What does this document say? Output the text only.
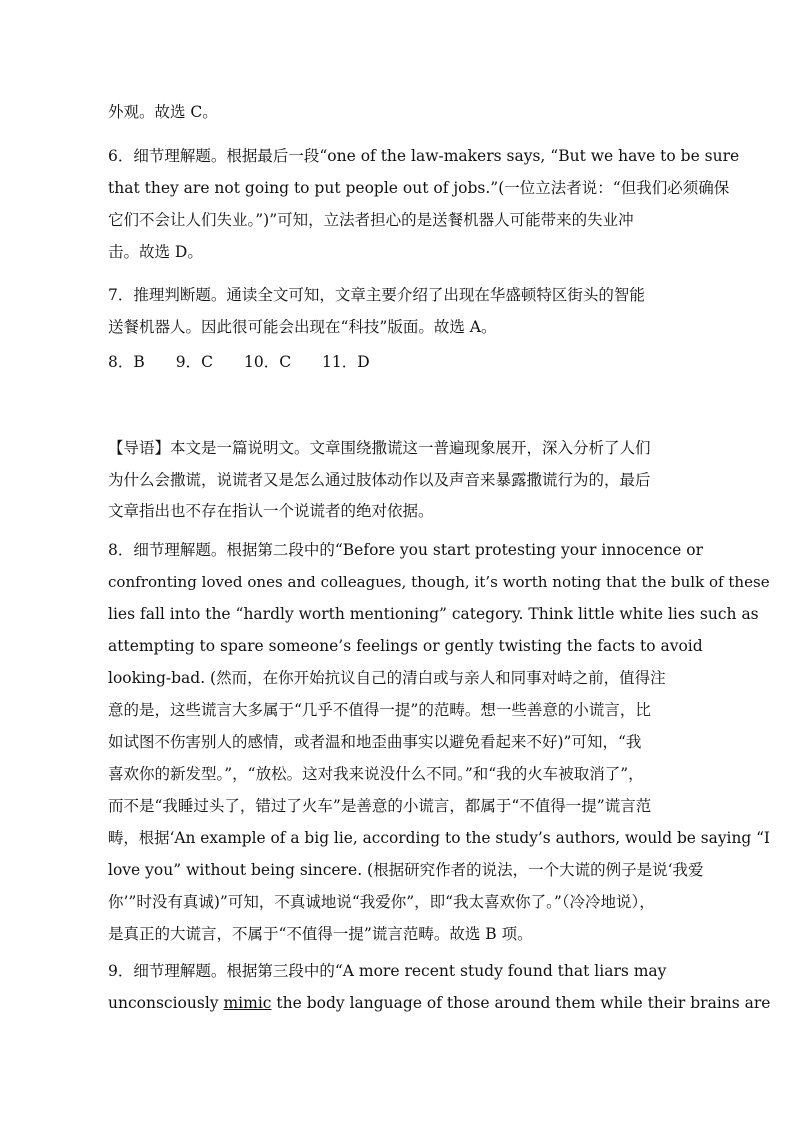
外观。故选 C。

6．细节理解题。根据最后一段“one of the law-makers says, “But we have to be sure

that they are not going to put people out of jobs.”(一位立法者说：“但我们必须确保

它们不会让人们失业。”)”可知，立法者担心的是送餐机器人可能带来的失业冲

击。故选 D。

7．推理判断题。通读全文可知，文章主要介绍了出现在华盛顿特区街头的智能

送餐机器人。因此很可能会出现在“科技”版面。故选 A。

8．B　　9．C　　10．C　　11．D

【导语】本文是一篇说明文。文章围绕撒谎这一普遍现象展开，深入分析了人们

为什么会撒谎，说谎者又是怎么通过肢体动作以及声音来暴露撒谎行为的，最后

文章指出也不存在指认一个说谎者的绝对依据。

8．细节理解题。根据第二段中的“Before you start protesting your innocence or

confronting loved ones and colleagues, though, it’s worth noting that the bulk of these

lies fall into the “hardly worth mentioning” category. Think little white lies such as

attempting to spare someone’s feelings or gently twisting the facts to avoid

looking-bad. (然而，在你开始抗议自己的清白或与亲人和同事对峙之前，值得注

意的是，这些谎言大多属于“几乎不值得一提”的范畴。想一些善意的小谎言，比

如试图不伤害别人的感情，或者温和地歪曲事实以避免看起来不好)”可知，“我

喜欢你的新发型。”，“放松。这对我来说没什么不同。”和“我的火车被取消了”，

而不是“我睡过头了，错过了火车”是善意的小谎言，都属于“不值得一提”谎言范

畴，根据‘An example of a big lie, according to the study’s authors, would be saying “I

love you” without being sincere. (根据研究作者的说法，一个大谎的例子是说‘我爱

你’”时没有真诚)”可知，不真诚地说“我爱你”，即“我太喜欢你了。”（冷冷地说），

是真正的大谎言，不属于“不值得一提”谎言范畴。故选 B 项。

9．细节理解题。根据第三段中的“A more recent study found that liars may

unconsciously mimic the body language of those around them while their brains are
